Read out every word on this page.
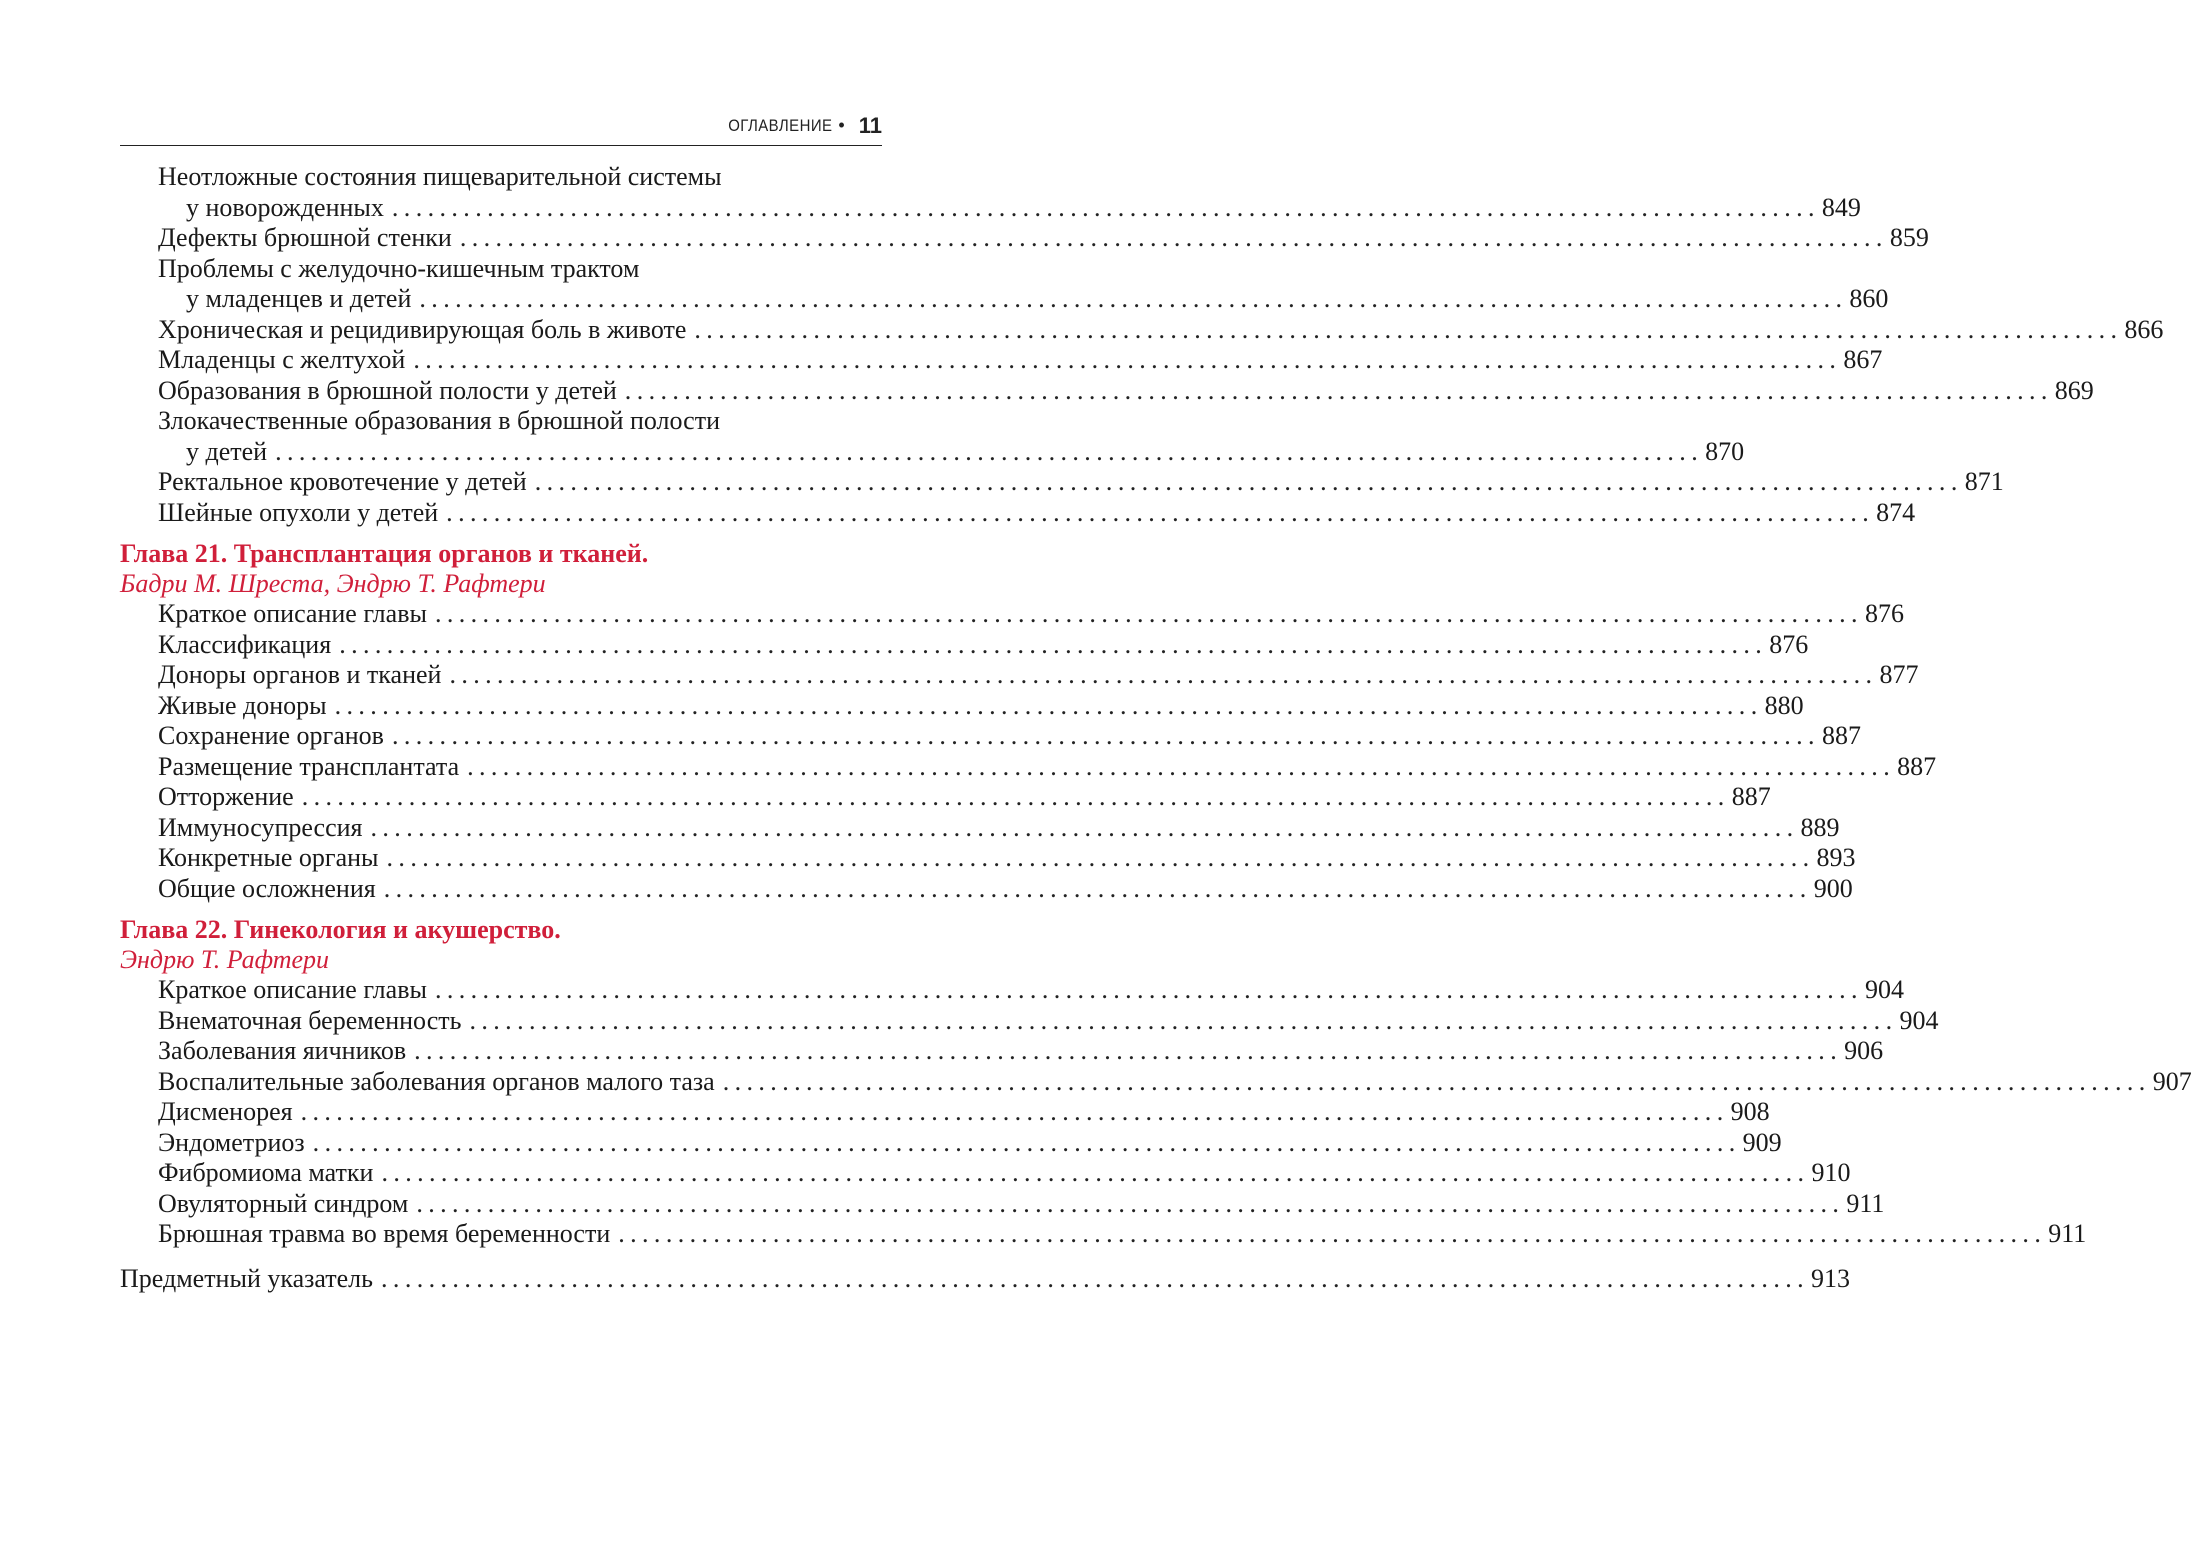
ОГЛАВЛЕНИЕ • 11
Неотложные состояния пищеварительной системы
у новорожденных ........................................................................................................................ 849
Дефекты брюшной стенки ........................................................................................................................ 859
Проблемы с желудочно-кишечным трактом
у младенцев и детей ........................................................................................................................ 860
Хроническая и рецидивирующая боль в животе ........................................................................................................................ 866
Младенцы с желтухой ........................................................................................................................ 867
Образования в брюшной полости у детей ........................................................................................................................ 869
Злокачественные образования в брюшной полости
у детей ........................................................................................................................ 870
Ректальное кровотечение у детей ........................................................................................................................ 871
Шейные опухоли у детей ........................................................................................................................ 874
Глава 21. Трансплантация органов и тканей.
Бадри М. Шреста, Эндрю Т. Рафтери
Краткое описание главы ........................................................................................................................ 876
Классификация ........................................................................................................................ 876
Доноры органов и тканей ........................................................................................................................ 877
Живые доноры ........................................................................................................................ 880
Сохранение органов ........................................................................................................................ 887
Размещение трансплантата ........................................................................................................................ 887
Отторжение ........................................................................................................................ 887
Иммуносупрессия ........................................................................................................................ 889
Конкретные органы ........................................................................................................................ 893
Общие осложнения ........................................................................................................................ 900
Глава 22. Гинекология и акушерство.
Эндрю Т. Рафтери
Краткое описание главы ........................................................................................................................ 904
Внематочная беременность ........................................................................................................................ 904
Заболевания яичников ........................................................................................................................ 906
Воспалительные заболевания органов малого таза ........................................................................................................................ 907
Дисменорея ........................................................................................................................ 908
Эндометриоз ........................................................................................................................ 909
Фибромиома матки ........................................................................................................................ 910
Овуляторный синдром ........................................................................................................................ 911
Брюшная травма во время беременности ........................................................................................................................ 911
Предметный указатель ........................................................................................................................ 913
